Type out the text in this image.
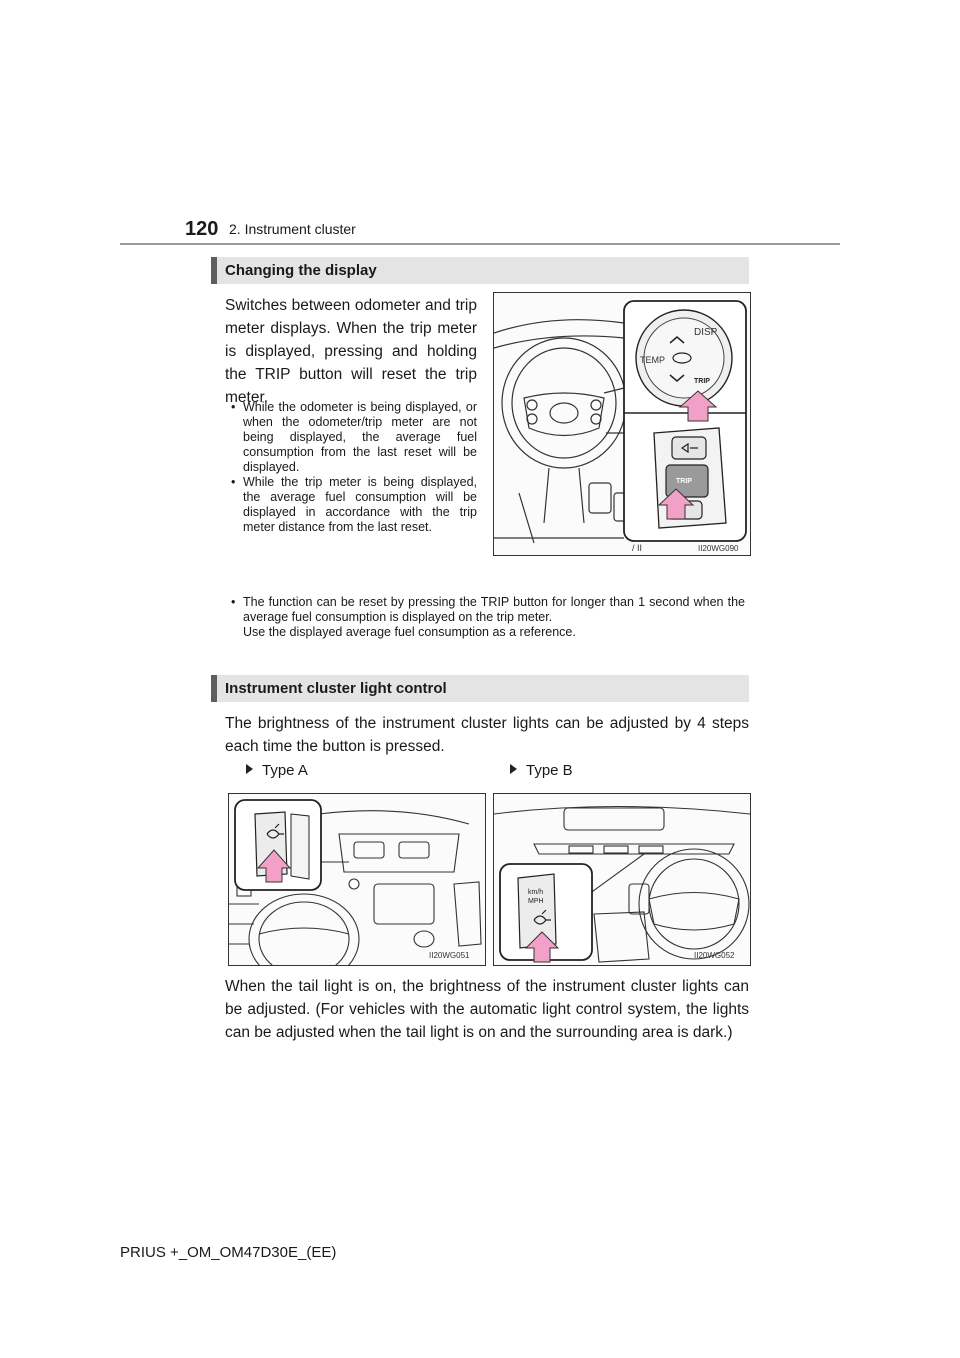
120 2. Instrument cluster
Changing the display
Switches between odometer and trip meter displays. When the trip meter is displayed, pressing and holding the TRIP button will reset the trip meter.
• While the odometer is being displayed, or when the odometer/trip meter are not being displayed, the average fuel consumption from the last reset will be displayed.
• While the trip meter is being displayed, the average fuel consumption will be displayed in accordance with the trip meter distance from the last reset.
• The function can be reset by pressing the TRIP button for longer than 1 second when the average fuel consumption is displayed on the trip meter.
Use the displayed average fuel consumption as a reference.
DISP
TEMP
TRIP
TRIP
/ II	II20WG090
Instrument cluster light control
The brightness of the instrument cluster lights can be adjusted by 4 steps each time the button is pressed.
Type A	Type B
II20WG051
km/h
MPH
II20WG052
When the tail light is on, the brightness of the instrument cluster lights can be adjusted. (For vehicles with the automatic light control system, the lights can be adjusted when the tail light is on and the surrounding area is dark.)
PRIUS +_OM_OM47D30E_(EE)
